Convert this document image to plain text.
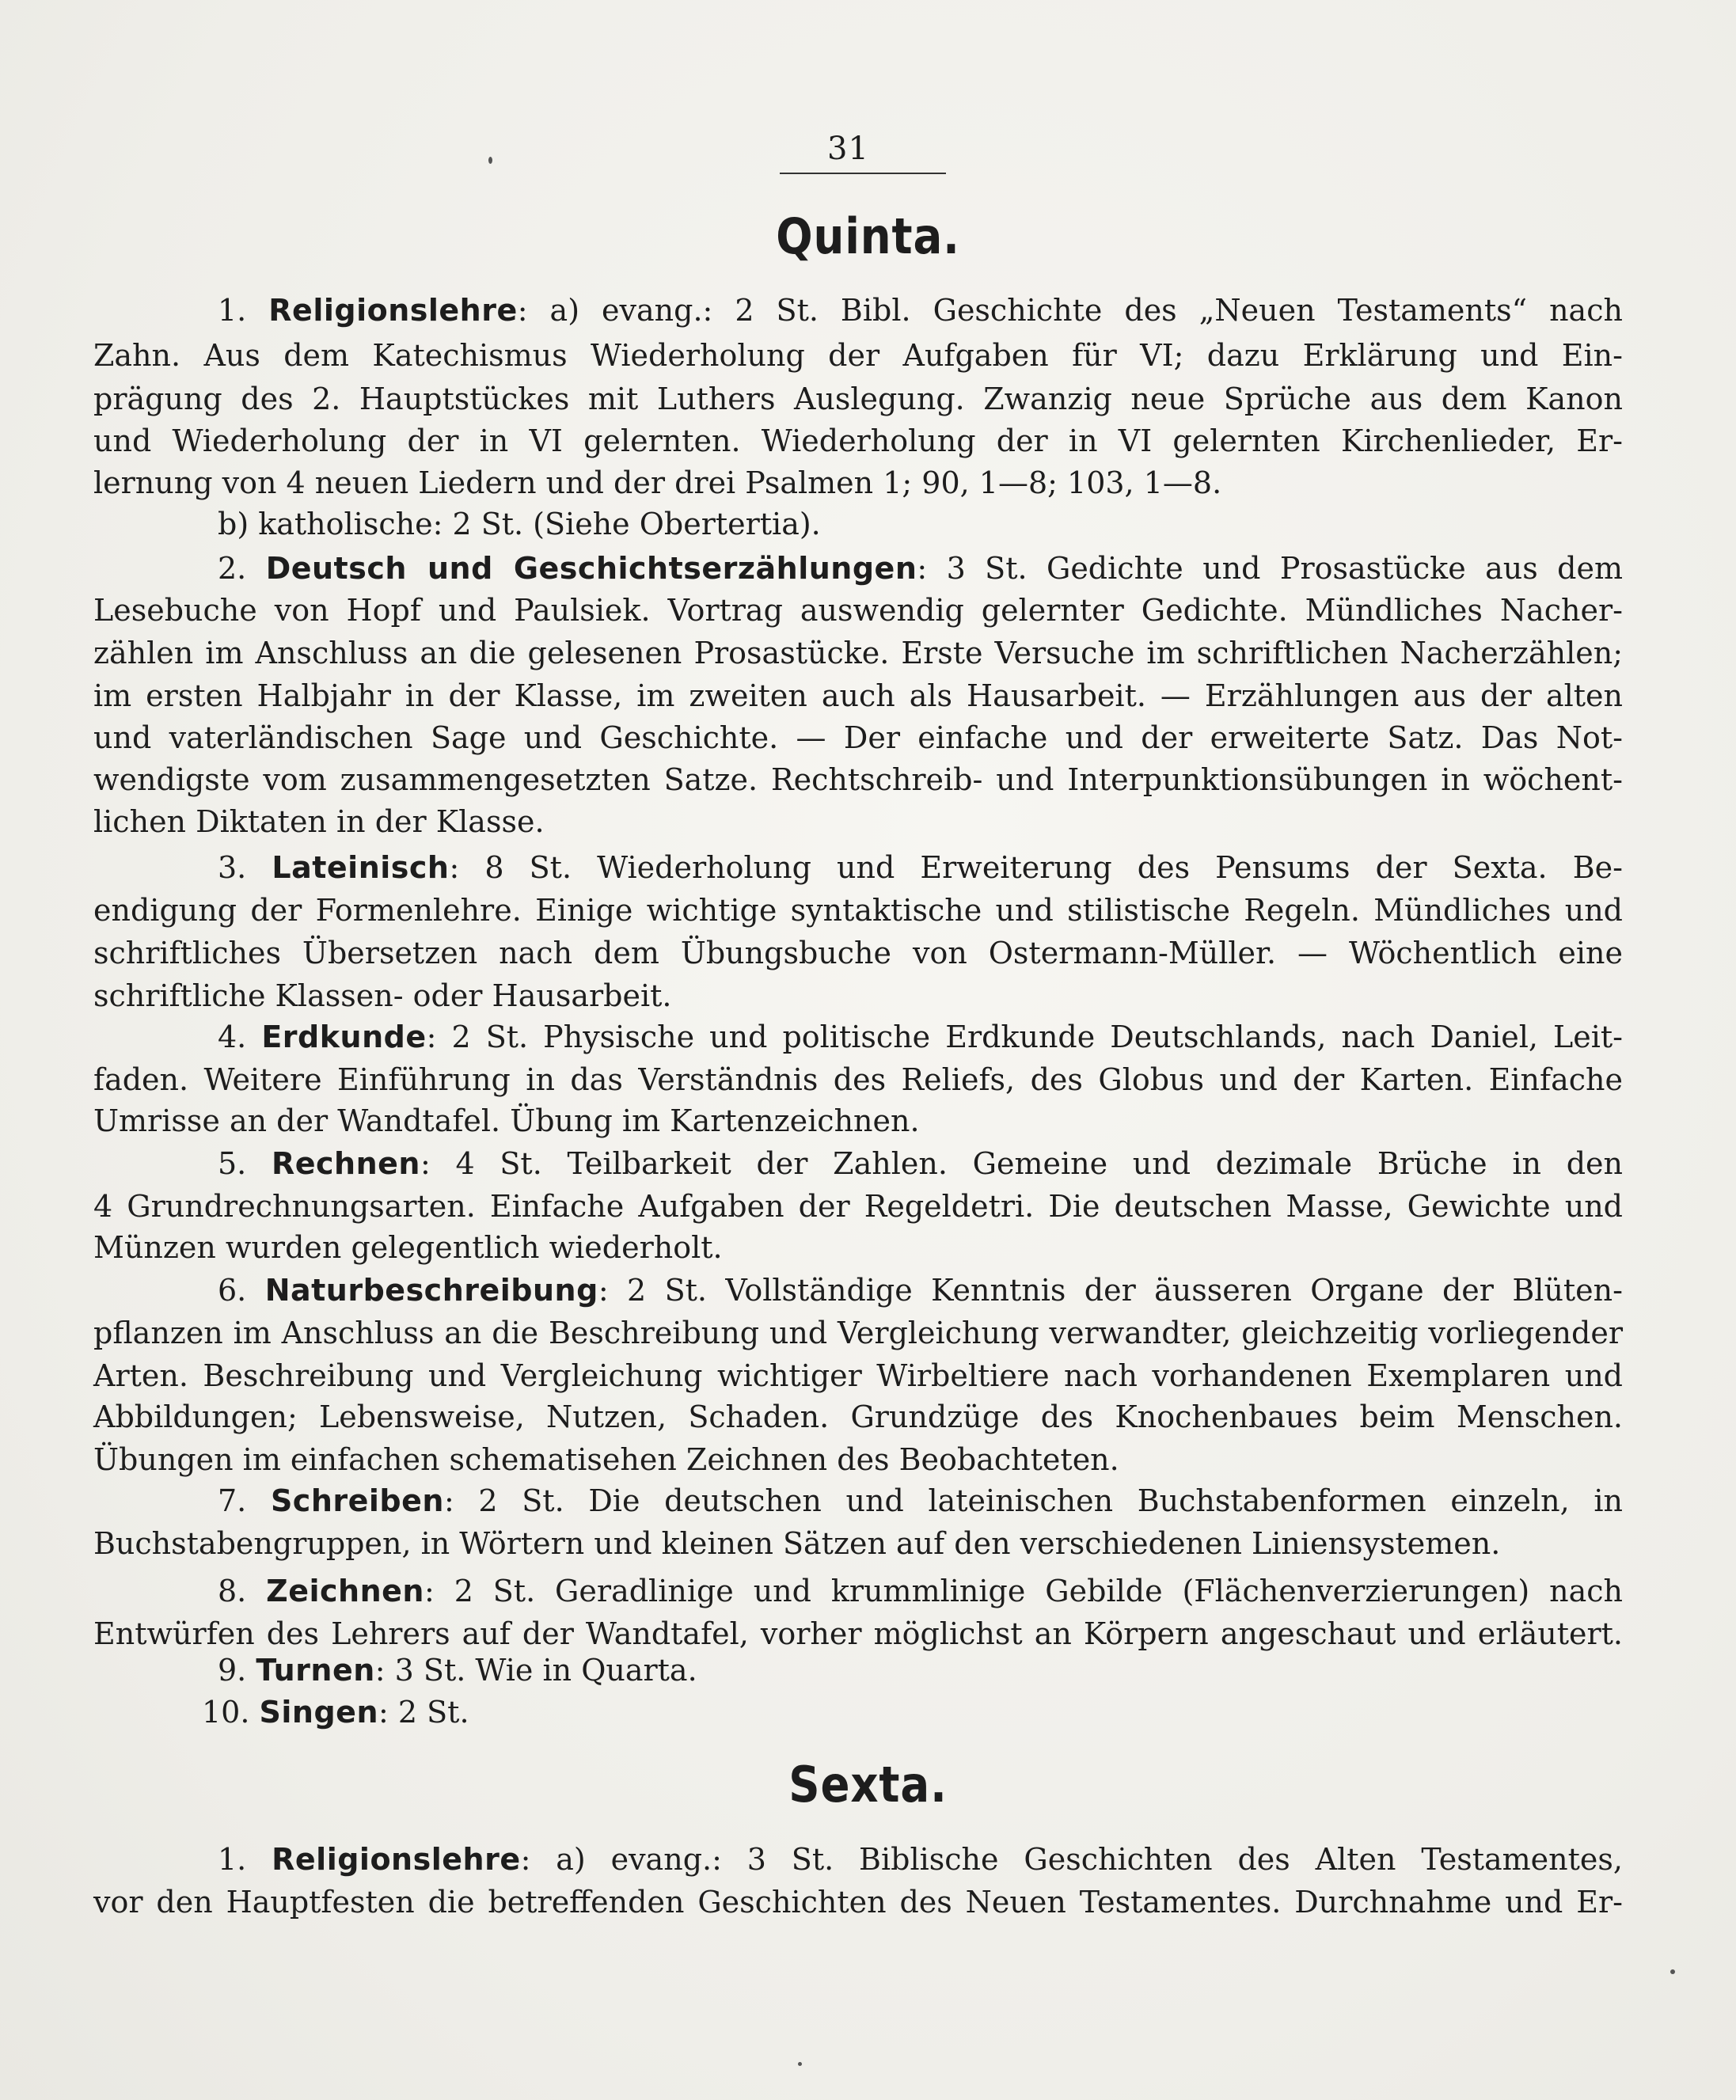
31
Quinta.
1. Religionslehre: a) evang.: 2 St. Bibl. Geschichte des „Neuen Testaments“ nach
Zahn. Aus dem Katechismus Wiederholung der Aufgaben für VI; dazu Erklärung und Ein-
prägung des 2. Hauptstückes mit Luthers Auslegung. Zwanzig neue Sprüche aus dem Kanon
und Wiederholung der in VI gelernten. Wiederholung der in VI gelernten Kirchenlieder, Er-
lernung von 4 neuen Liedern und der drei Psalmen 1; 90, 1—8; 103, 1—8.
b) katholische: 2 St. (Siehe Obertertia).
2. Deutsch und Geschichtserzählungen: 3 St. Gedichte und Prosastücke aus dem
Lesebuche von Hopf und Paulsiek. Vortrag auswendig gelernter Gedichte. Mündliches Nacher-
zählen im Anschluss an die gelesenen Prosastücke. Erste Versuche im schriftlichen Nacherzählen;
im ersten Halbjahr in der Klasse, im zweiten auch als Hausarbeit. — Erzählungen aus der alten
und vaterländischen Sage und Geschichte. — Der einfache und der erweiterte Satz. Das Not-
wendigste vom zusammengesetzten Satze. Rechtschreib- und Interpunktionsübungen in wöchent-
lichen Diktaten in der Klasse.
3. Lateinisch: 8 St. Wiederholung und Erweiterung des Pensums der Sexta. Be-
endigung der Formenlehre. Einige wichtige syntaktische und stilistische Regeln. Mündliches und
schriftliches Übersetzen nach dem Übungsbuche von Ostermann-Müller. — Wöchentlich eine
schriftliche Klassen- oder Hausarbeit.
4. Erdkunde: 2 St. Physische und politische Erdkunde Deutschlands, nach Daniel, Leit-
faden. Weitere Einführung in das Verständnis des Reliefs, des Globus und der Karten. Einfache
Umrisse an der Wandtafel. Übung im Kartenzeichnen.
5. Rechnen: 4 St. Teilbarkeit der Zahlen. Gemeine und dezimale Brüche in den
4 Grundrechnungsarten. Einfache Aufgaben der Regeldetri. Die deutschen Masse, Gewichte und
Münzen wurden gelegentlich wiederholt.
6. Naturbeschreibung: 2 St. Vollständige Kenntnis der äusseren Organe der Blüten-
pflanzen im Anschluss an die Beschreibung und Vergleichung verwandter, gleichzeitig vorliegender
Arten. Beschreibung und Vergleichung wichtiger Wirbeltiere nach vorhandenen Exemplaren und
Abbildungen; Lebensweise, Nutzen, Schaden. Grundzüge des Knochenbaues beim Menschen.
Übungen im einfachen schematisehen Zeichnen des Beobachteten.
7. Schreiben: 2 St. Die deutschen und lateinischen Buchstabenformen einzeln, in
Buchstabengruppen, in Wörtern und kleinen Sätzen auf den verschiedenen Liniensystemen.
8. Zeichnen: 2 St. Geradlinige und krummlinige Gebilde (Flächenverzierungen) nach
Entwürfen des Lehrers auf der Wandtafel, vorher möglichst an Körpern angeschaut und erläutert.
9. Turnen: 3 St. Wie in Quarta.
10. Singen: 2 St.
Sexta.
1. Religionslehre: a) evang.: 3 St. Biblische Geschichten des Alten Testamentes,
vor den Hauptfesten die betreffenden Geschichten des Neuen Testamentes. Durchnahme und Er-
